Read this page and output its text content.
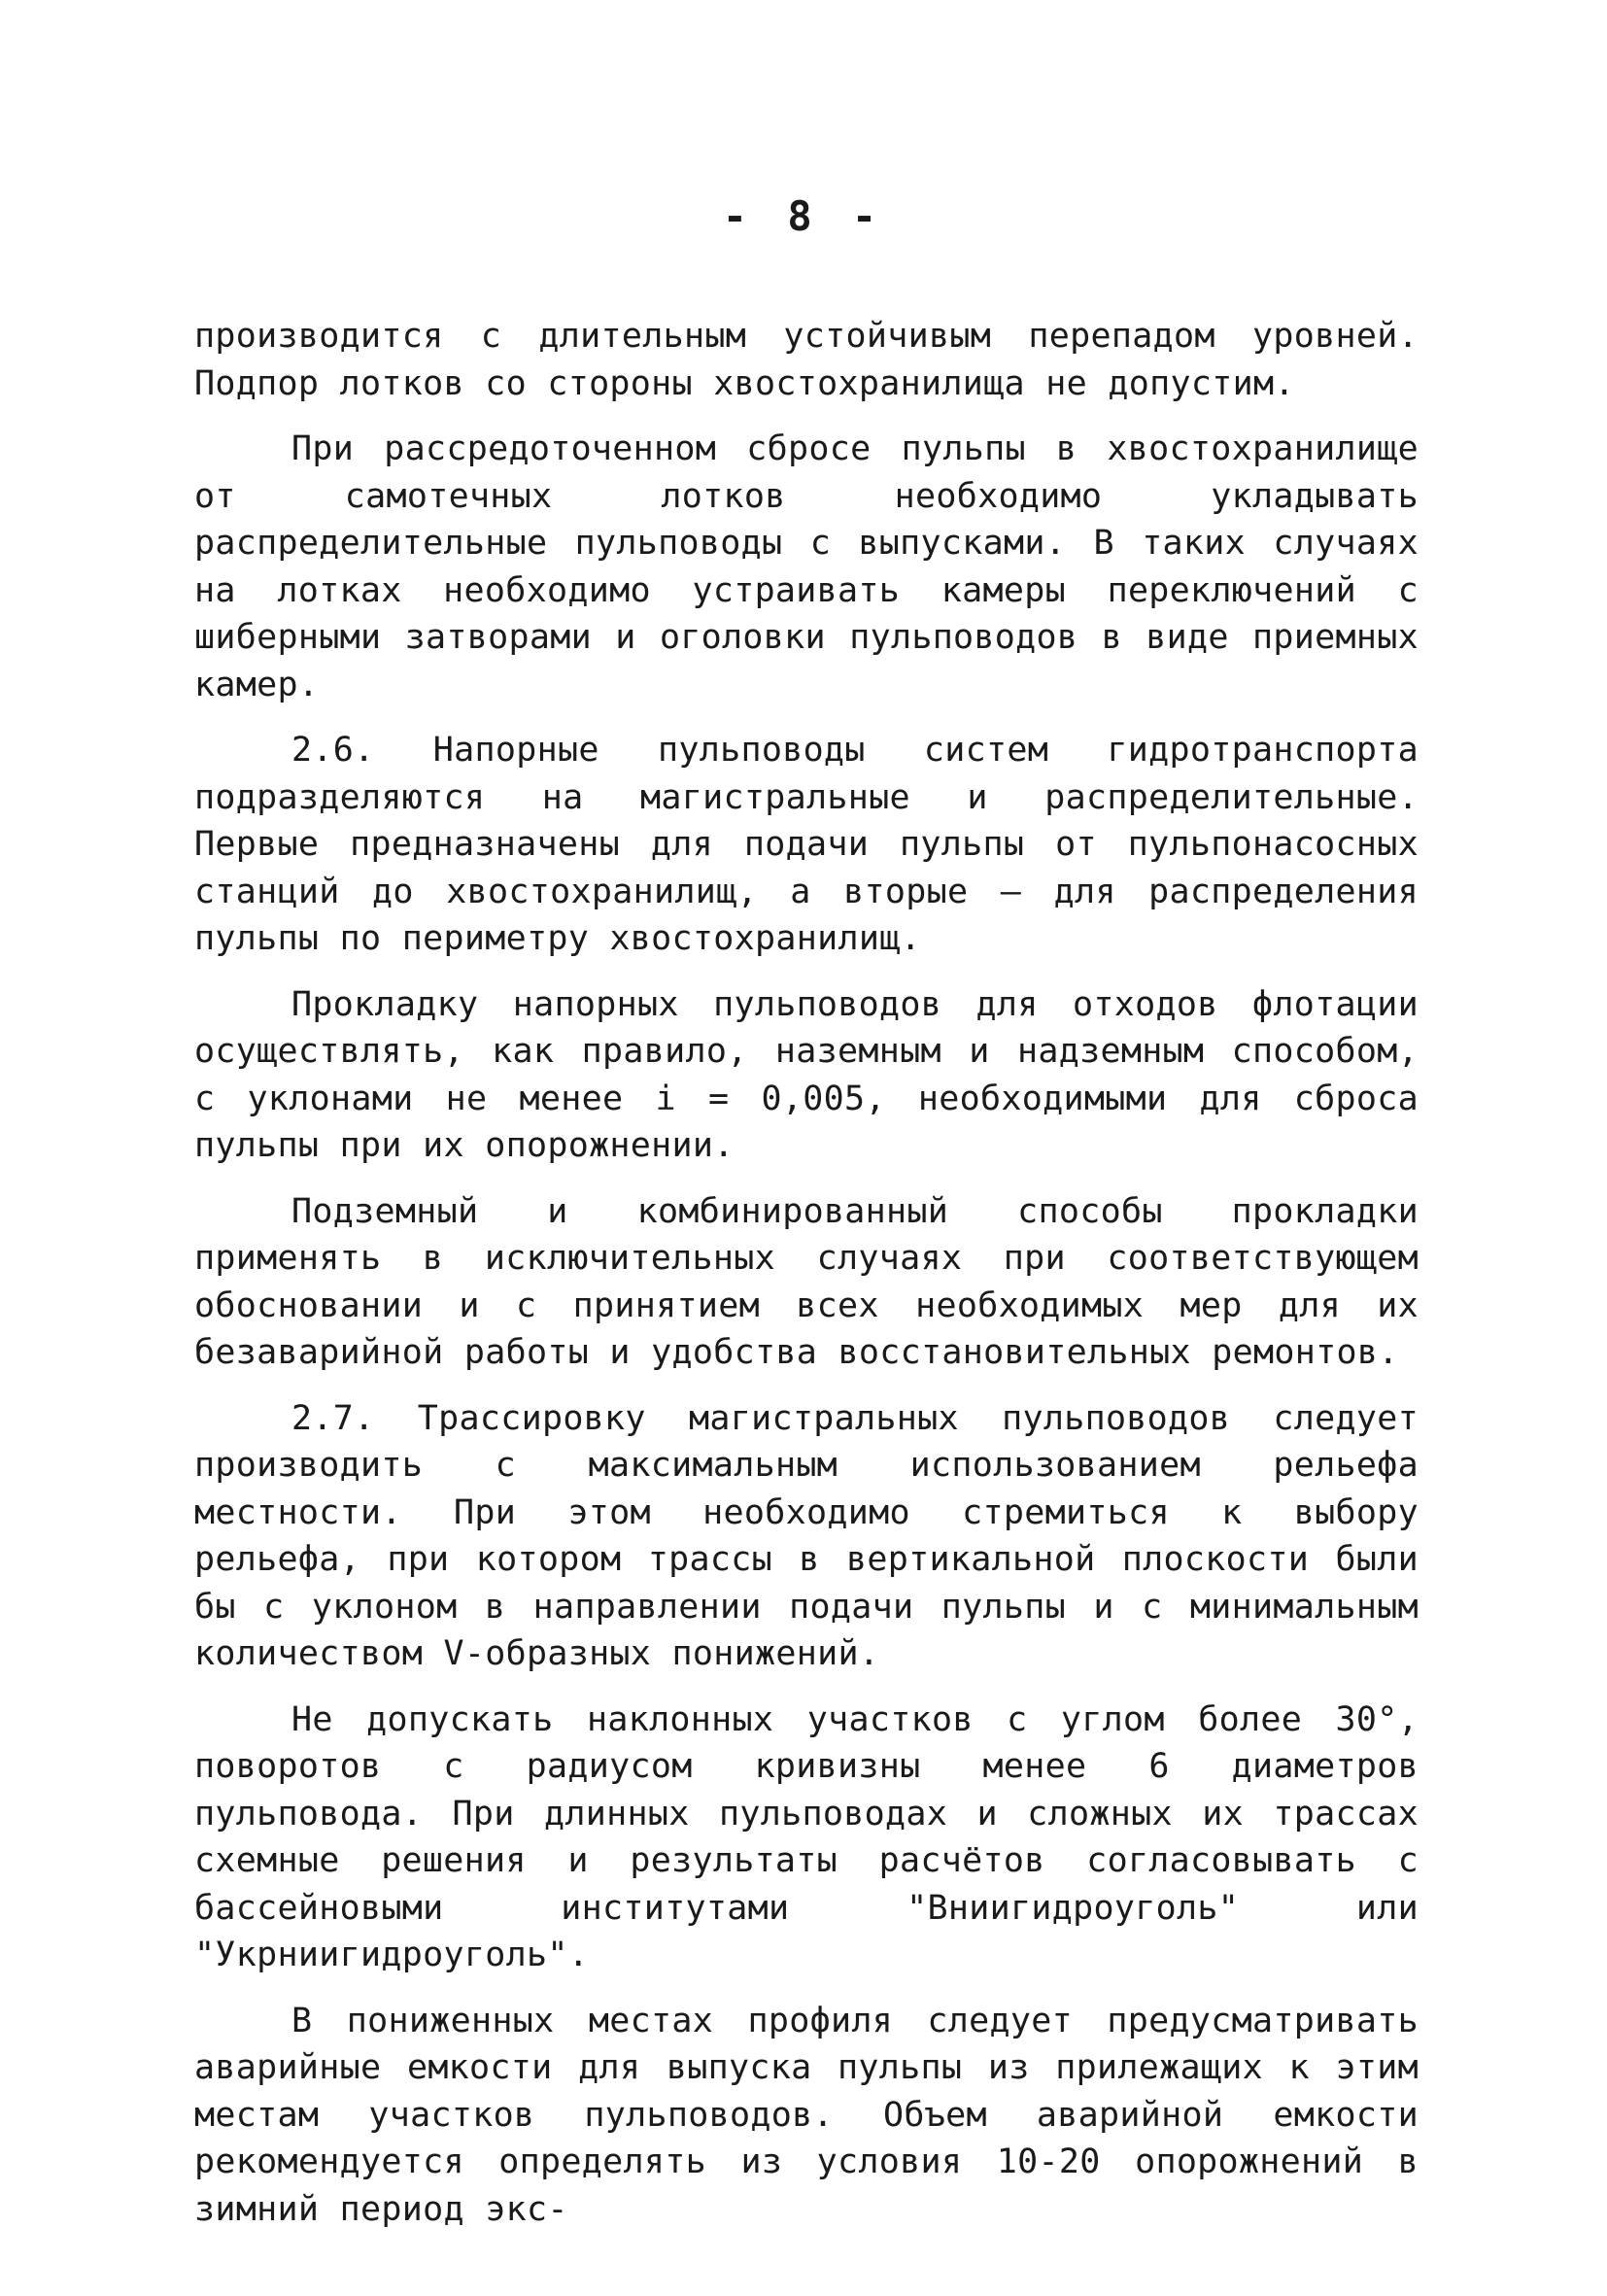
- 8 -

производится с длительным устойчивым перепадом уровней. Подпор лотков со стороны хвостохранилища не допустим.

При рассредоточенном сбросе пульпы в хвостохранилище от самотечных лотков необходимо укладывать распределительные пульповоды с выпусками. В таких случаях на лотках необходимо устраивать камеры переключений с шиберными затворами и оголовки пульповодов в виде приемных камер.

2.6. Напорные пульповоды систем гидротранспорта подразделяются на магистральные и распределительные. Первые предназначены для подачи пульпы от пульпонасосных станций до хвостохранилищ, а вторые – для распределения пульпы по периметру хвостохранилищ.

Прокладку напорных пульповодов для отходов флотации осуществлять, как правило, наземным и надземным способом, с уклонами не менее i = 0,005, необходимыми для сброса пульпы при их опорожнении.

Подземный и комбинированный способы прокладки применять в исключительных случаях при соответствующем обосновании и с принятием всех необходимых мер для их безаварийной работы и удобства восстановительных ремонтов.

2.7. Трассировку магистральных пульповодов следует производить с максимальным использованием рельефа местности. При этом необходимо стремиться к выбору рельефа, при котором трассы в вертикальной плоскости были бы с уклоном в направлении подачи пульпы и с минимальным количеством V-образных понижений.

Не допускать наклонных участков с углом более 30°, поворотов с радиусом кривизны менее 6 диаметров пульповода. При длинных пульповодах и сложных их трассах схемные решения и результаты расчётов согласовывать с бассейновыми институтами "Вниигидроуголь" или "Укрниигидроуголь".

В пониженных местах профиля следует предусматривать аварийные емкости для выпуска пульпы из прилежащих к этим местам участков пульповодов. Объем аварийной емкости рекомендуется определять из условия 10-20 опорожнений в зимний период экс-
